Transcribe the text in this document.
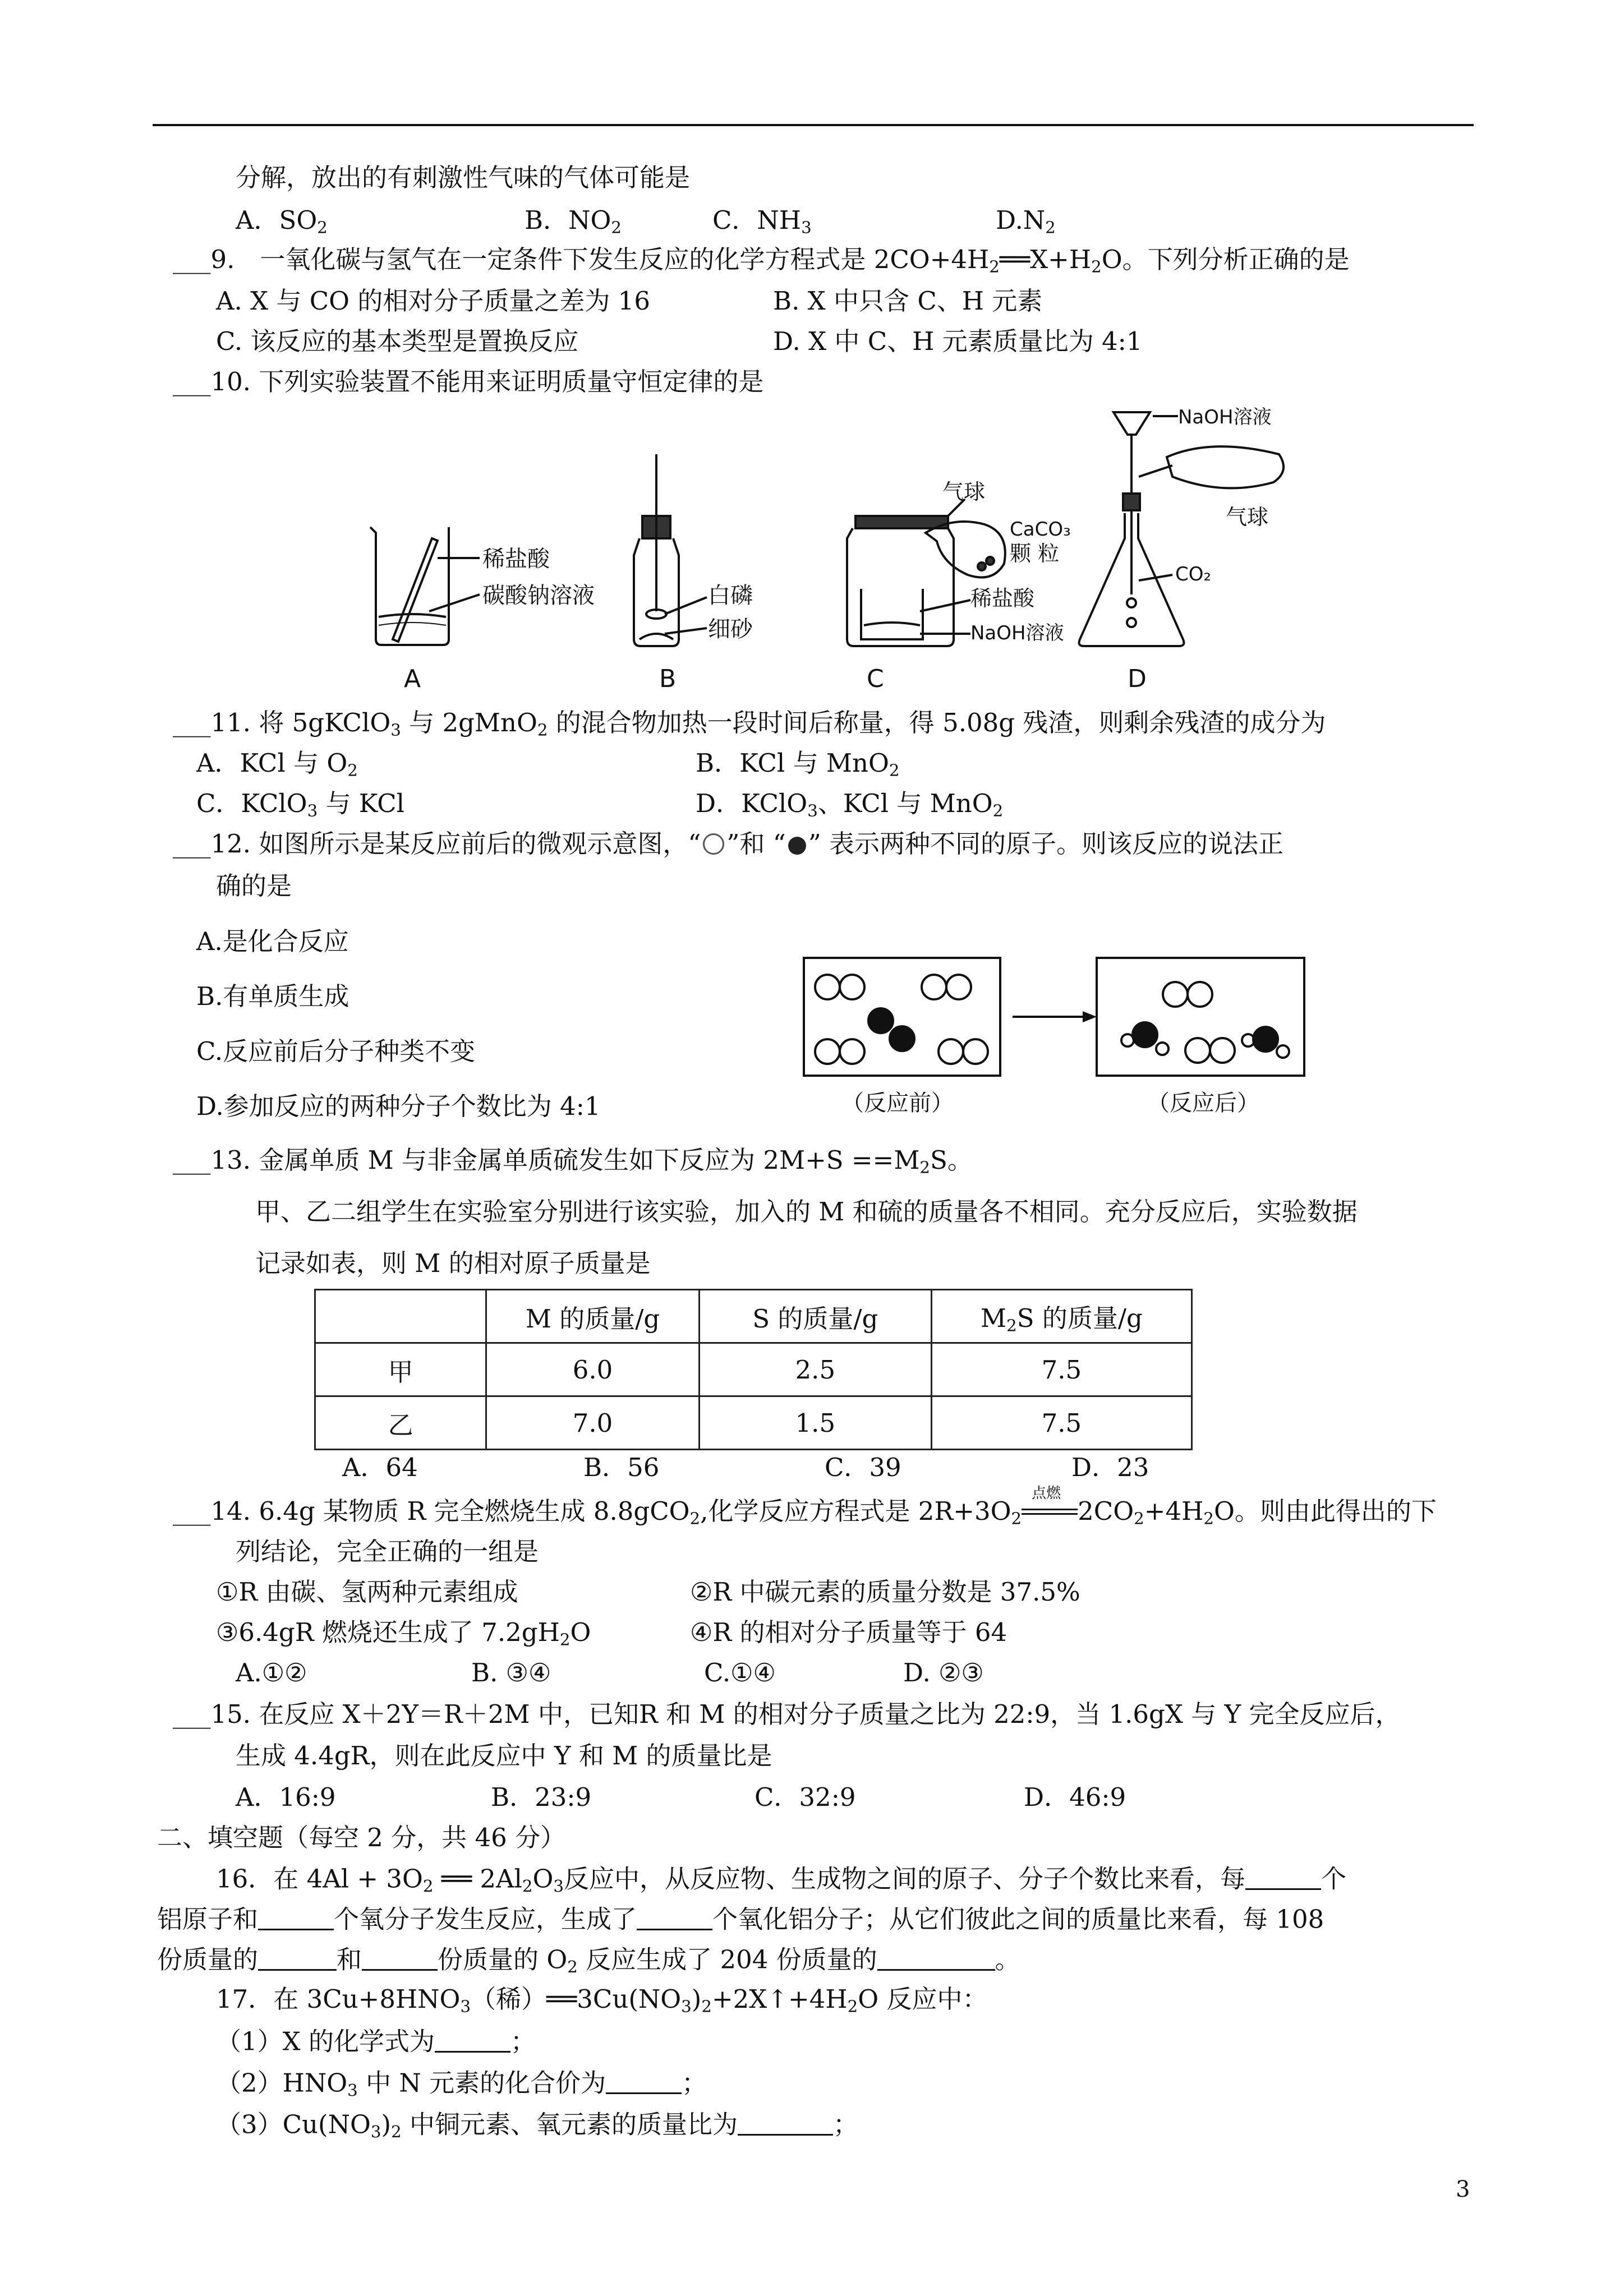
分解，放出的有刺激性气味的气体可能是
A．$SO_2$	B．$NO_2$	C．$NH_3$	$D.N_2$
___9.　一氧化碳与氢气在一定条件下发生反应的化学方程式是 $2CO+4H_2══X+H_2O$。下列分析正确的是
A. X 与 CO 的相对分子质量之差为 16	B. X 中只含 C、H 元素
C. 该反应的基本类型是置换反应	D. X 中 C、H 元素质量比为 4:1
___10. 下列实验装置不能用来证明质量守恒定律的是
稀盐酸
碳酸钠溶液
A
白磷
细砂
B
气球
CaCO₃
颗 粒
稀盐酸
NaOH溶液
C
NaOH溶液
气球
CO₂
D
___11. 将 5gKClO$_3$ 与 2gMnO$_2$ 的混合物加热一段时间后称量，得 5.08g 残渣，则剩余残渣的成分为
A．KCl 与 $O_2$	B．KCl 与 MnO$_2$
C．KClO$_3$ 与 KCl	D．KClO$_3$、KCl 与 MnO$_2$
___12. 如图所示是某反应前后的微观示意图，“ ”和 “ ” 表示两种不同的原子。则该反应的说法正
确的是
A.是化合反应
B.有单质生成
C.反应前后分子种类不变
D.参加反应的两种分子个数比为 4:1	（反应前）	（反应后）
___13. 金属单质 M 与非金属单质硫发生如下反应为 $2M+S ==M_2S$。
甲、乙二组学生在实验室分别进行该实验，加入的 M 和硫的质量各不相同。充分反应后，实验数据
记录如表，则 M 的相对原子质量是
	M 的质量/g	S 的质量/g	$M_2S$ 的质量/g
甲	6.0	2.5	7.5
乙	7.0	1.5	7.5
A．64	B．56	C．39	D．23
___14. 6.4g 某物质 R 完全燃烧生成 8.8gCO$_2$,化学反应方程式是 $2R+3O_2$
点燃
$2CO_2+4H_2O$。则由此得出的下
列结论，完全正确的一组是
①R 由碳、氢两种元素组成	②R 中碳元素的质量分数是 37.5%
③6.4gR 燃烧还生成了 $7.2gH_2O$	④R 的相对分子质量等于 64
A.①②	B. ③④	C.①④	D. ②③
___15. 在反应 X＋2Y＝R＋2M 中，已知R 和 M 的相对分子质量之比为 22:9，当 1.6gX 与 Y 完全反应后，
生成 4.4gR，则在此反应中 Y 和 M 的质量比是
A．16:9	B．23:9	C．32:9	D．46:9
二、填空题（每空 2 分，共 46 分）
16．在 $4Al + 3O_2$ ══ $2Al_2O_3$反应中，从反应物、生成物之间的原子、分子个数比来看，每	个
铝原子和	个氧分子发生反应，生成了	个氧化铝分子；从它们彼此之间的质量比来看，每 108
份质量的	和	份质量的 $O_2$ 反应生成了 204 份质量的	。
17．在 $3Cu+8HNO_3$（稀）$══3Cu(NO_3)_2+2X↑+4H_2O$ 反应中：
（1）X 的化学式为	；
$(2)HNO_3$ 中 N 元素的化合价为	；
$(3)Cu(NO_3)_2$ 中铜元素、氧元素的质量比为	；
3
